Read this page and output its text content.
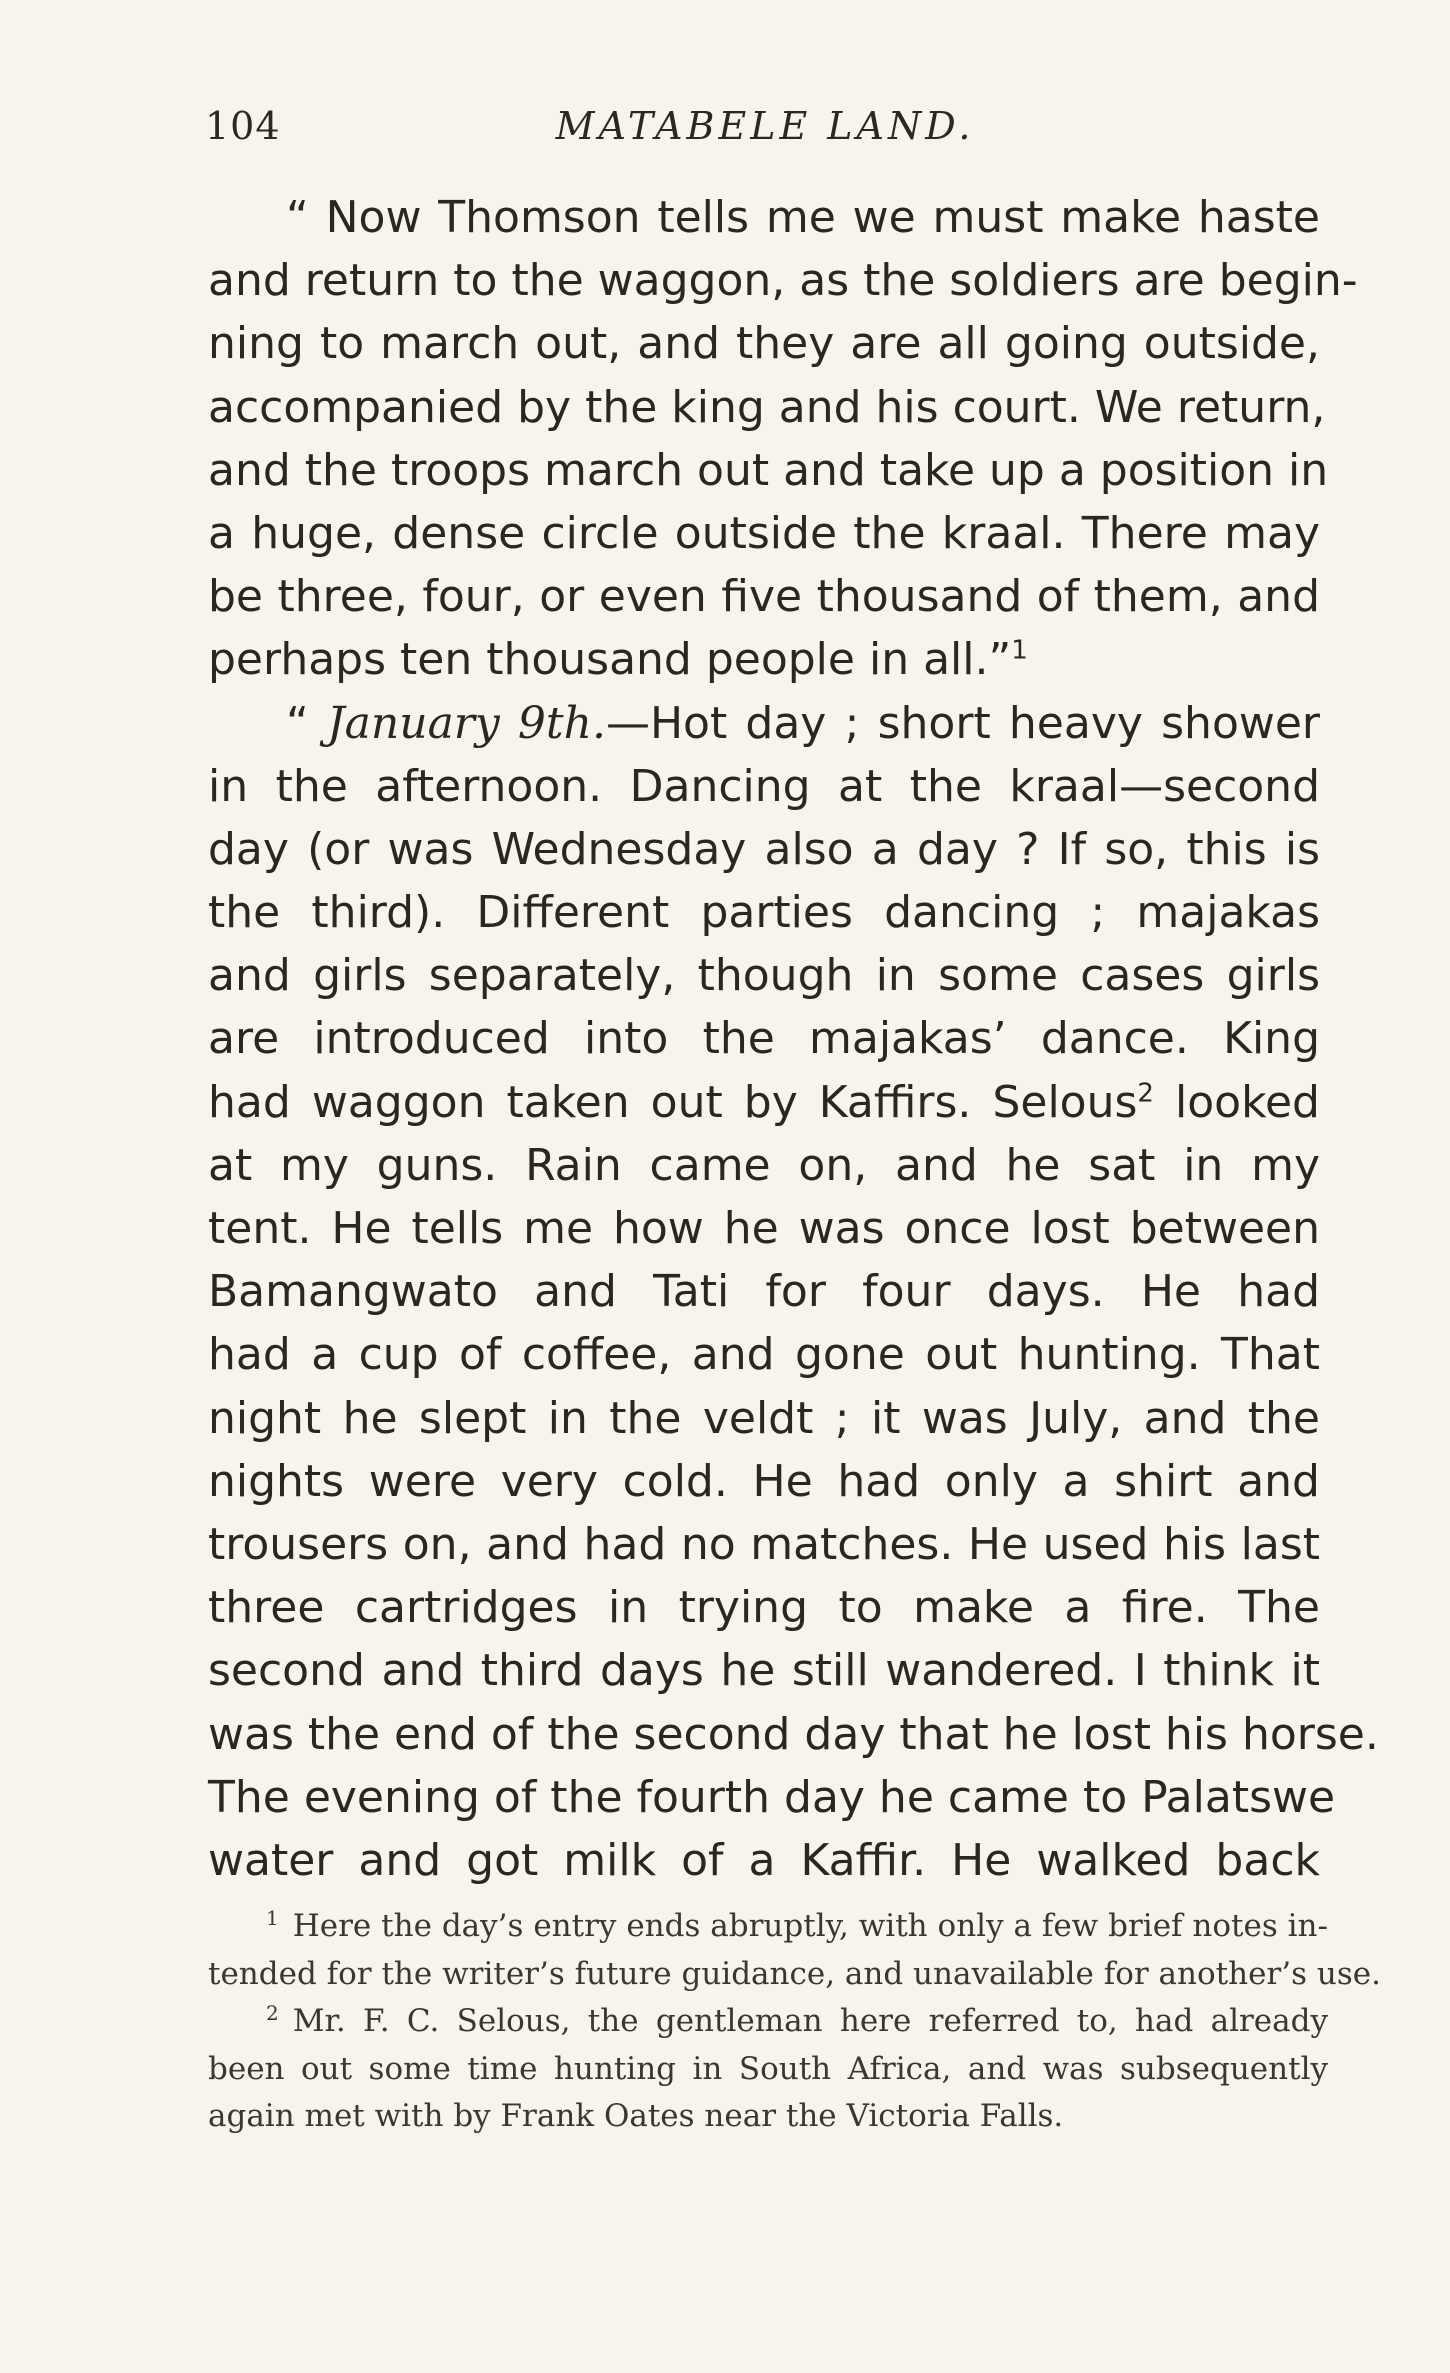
104	MATABELE LAND.
“ Now Thomson tells me we must make haste
and return to the waggon, as the soldiers are begin-
ning to march out, and they are all going outside,
accompanied by the king and his court. We return,
and the troops march out and take up a position in
a huge, dense circle outside the kraal. There may
be three, four, or even five thousand of them, and
perhaps ten thousand people in all.”$^1$
“ January 9th.—Hot day ; short heavy shower
in the afternoon. Dancing at the kraal—second
day (or was Wednesday also a day ? If so, this is
the third). Different parties dancing ; majakas
and girls separately, though in some cases girls
are introduced into the majakas’ dance. King
had waggon taken out by Kaffirs. Selous$^2$ looked
at my guns. Rain came on, and he sat in my
tent. He tells me how he was once lost between
Bamangwato and Tati for four days. He had
had a cup of coffee, and gone out hunting. That
night he slept in the veldt ; it was July, and the
nights were very cold. He had only a shirt and
trousers on, and had no matches. He used his last
three cartridges in trying to make a fire. The
second and third days he still wandered. I think it
was the end of the second day that he lost his horse.
The evening of the fourth day he came to Palatswe
water and got milk of a Kaffir. He walked back
$^1$ Here the day’s entry ends abruptly, with only a few brief notes in-
tended for the writer’s future guidance, and unavailable for another’s use.
$^2$ Mr. F. C. Selous, the gentleman here referred to, had already
been out some time hunting in South Africa, and was subsequently
again met with by Frank Oates near the Victoria Falls.
